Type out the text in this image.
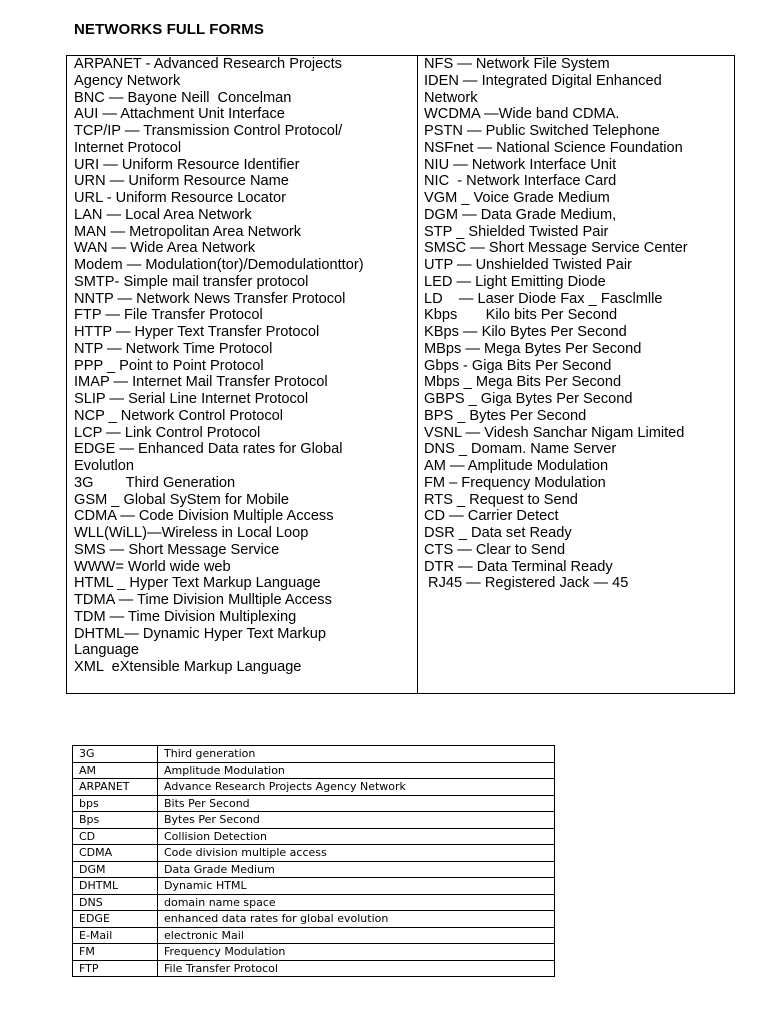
NETWORKS FULL FORMS
ARPANET - Advanced Research Projects
Agency Network
BNC — Bayone Neill  Concelman
AUI — Attachment Unit Interface
TCP/IP — Transmission Control Protocol/
Internet Protocol
URI — Uniform Resource Identifier
URN — Uniform Resource Name
URL - Uniform Resource Locator
LAN — Local Area Network
MAN — Metropolitan Area Network
WAN — Wide Area Network
Modem — Modulation(tor)/Demodulationttor)
SMTP- Simple mail transfer protocol
NNTP — Network News Transfer Protocol
FTP — File Transfer Protocol
HTTP — Hyper Text Transfer Protocol
NTP — Network Time Protocol
PPP _ Point to Point Protocol
IMAP — Internet Mail Transfer Protocol
SLIP — Serial Line Internet Protocol
NCP _ Network Control Protocol
LCP — Link Control Protocol
EDGE — Enhanced Data rates for Global
Evolutlon
3G        Third Generation
GSM _ Global SyStem for Mobile
CDMA — Code Division Multiple Access
WLL(WiLL)—Wireless in Local Loop
SMS — Short Message Service
WWW= World wide web
HTML _ Hyper Text Markup Language
TDMA — Time Division Mulltiple Access
TDM — Time Division Multiplexing
DHTML— Dynamic Hyper Text Markup
Language
XML  eXtensible Markup Language
NFS — Network File System
IDEN — Integrated Digital Enhanced
Network
WCDMA —Wide band CDMA.
PSTN — Public Switched Telephone
NSFnet — National Science Foundation
NIU — Network Interface Unit
NIC  - Network Interface Card
VGM _ Voice Grade Medium
DGM — Data Grade Medium,
STP _ Shielded Twisted Pair
SMSC — Short Message Service Center
UTP — Unshielded Twisted Pair
LED — Light Emitting Diode
LD    — Laser Diode Fax _ Fasclmlle
Kbps       Kilo bits Per Second
KBps — Kilo Bytes Per Second
MBps — Mega Bytes Per Second
Gbps - Giga Bits Per Second
Mbps _ Mega Bits Per Second
GBPS _ Giga Bytes Per Second
BPS _ Bytes Per Second
VSNL — Videsh Sanchar Nigam Limited
DNS _ Domam. Name Server
AM — Amplitude Modulation
FM – Frequency Modulation
RTS _ Request to Send
CD — Carrier Detect
DSR _ Data set Ready
CTS — Clear to Send
DTR — Data Terminal Ready
RJ45 — Registered Jack — 45
3G	Third generation
AM	Amplitude Modulation
ARPANET	Advance Research Projects Agency Network
bps	Bits Per Second
Bps	Bytes Per Second
CD	Collision Detection
CDMA	Code division multiple access
DGM	Data Grade Medium
DHTML	Dynamic HTML
DNS	domain name space
EDGE	enhanced data rates for global evolution
E-Mail	electronic Mail
FM	Frequency Modulation
FTP	File Transfer Protocol
